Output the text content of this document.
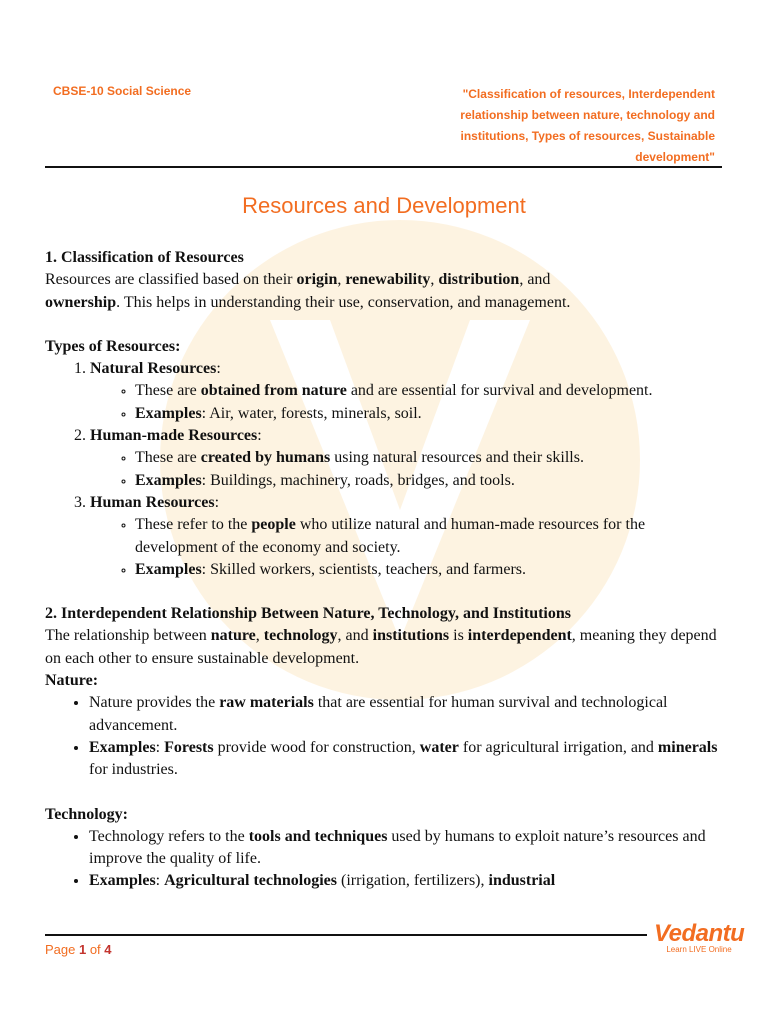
CBSE-10 Social Science	"Classification of resources, Interdependent
relationship between nature, technology and
institutions, Types of resources, Sustainable
development"
Resources and Development

1. Classification of Resources

Resources are classified based on their origin, renewability, distribution, and
ownership. This helps in understanding their use, conservation, and management.

Types of Resources:

1. Natural Resources:
◦ These are obtained from nature and are essential for survival and development.
◦ Examples: Air, water, forests, minerals, soil.
2. Human-made Resources:
◦ These are created by humans using natural resources and their skills.
◦ Examples: Buildings, machinery, roads, bridges, and tools.
3. Human Resources:
◦ These refer to the people who utilize natural and human-made resources for the development of the economy and society.
◦ Examples: Skilled workers, scientists, teachers, and farmers.

2. Interdependent Relationship Between Nature, Technology, and Institutions

The relationship between nature, technology, and institutions is interdependent, meaning they depend on each other to ensure sustainable development.

Nature:

• Nature provides the raw materials that are essential for human survival and technological advancement.
• Examples: Forests provide wood for construction, water for agricultural irrigation, and minerals for industries.

Technology:

• Technology refers to the tools and techniques used by humans to exploit nature’s resources and improve the quality of life.
• Examples: Agricultural technologies (irrigation, fertilizers), industrial
Page 1 of 4
Vedantu
Learn LIVE Online
